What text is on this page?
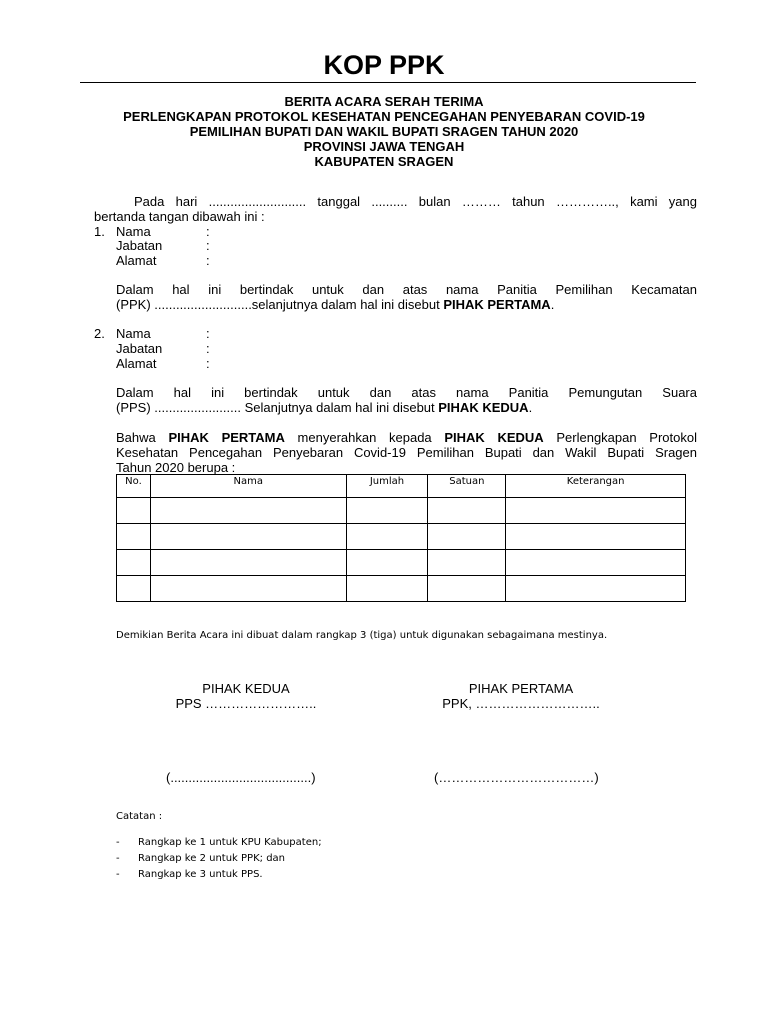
KOP PPK
BERITA ACARA SERAH TERIMA
PERLENGKAPAN PROTOKOL KESEHATAN PENCEGAHAN PENYEBARAN COVID-19
PEMILIHAN BUPATI DAN WAKIL BUPATI SRAGEN TAHUN 2020
PROVINSI JAWA TENGAH
KABUPATEN SRAGEN
Pada hari ........................... tanggal .......... bulan ……… tahun ………….., kami yang
bertanda tangan dibawah ini :
1. Nama	:
Jabatan	:
Alamat	:
Dalam hal ini bertindak untuk dan atas nama Panitia Pemilihan Kecamatan
(PPK) ...........................selanjutnya dalam hal ini disebut PIHAK PERTAMA.
2. Nama	:
Jabatan	:
Alamat	:
Dalam hal ini bertindak untuk dan atas nama Panitia Pemungutan Suara
(PPS) ........................ Selanjutnya dalam hal ini disebut PIHAK KEDUA.
Bahwa PIHAK PERTAMA menyerahkan kepada PIHAK KEDUA Perlengkapan Protokol
Kesehatan Pencegahan Penyebaran Covid-19 Pemilihan Bupati dan Wakil Bupati Sragen
Tahun 2020 berupa :
No.	Nama	Jumlah	Satuan	Keterangan

Demikian Berita Acara ini dibuat dalam rangkap 3 (tiga) untuk digunakan sebagaimana mestinya.
PIHAK KEDUA
PPS ……………………..
(.......................................)
PIHAK PERTAMA
PPK, ………………………..
(………………………………)
Catatan :
- Rangkap ke 1 untuk KPU Kabupaten;
- Rangkap ke 2 untuk PPK; dan
- Rangkap ke 3 untuk PPS.
